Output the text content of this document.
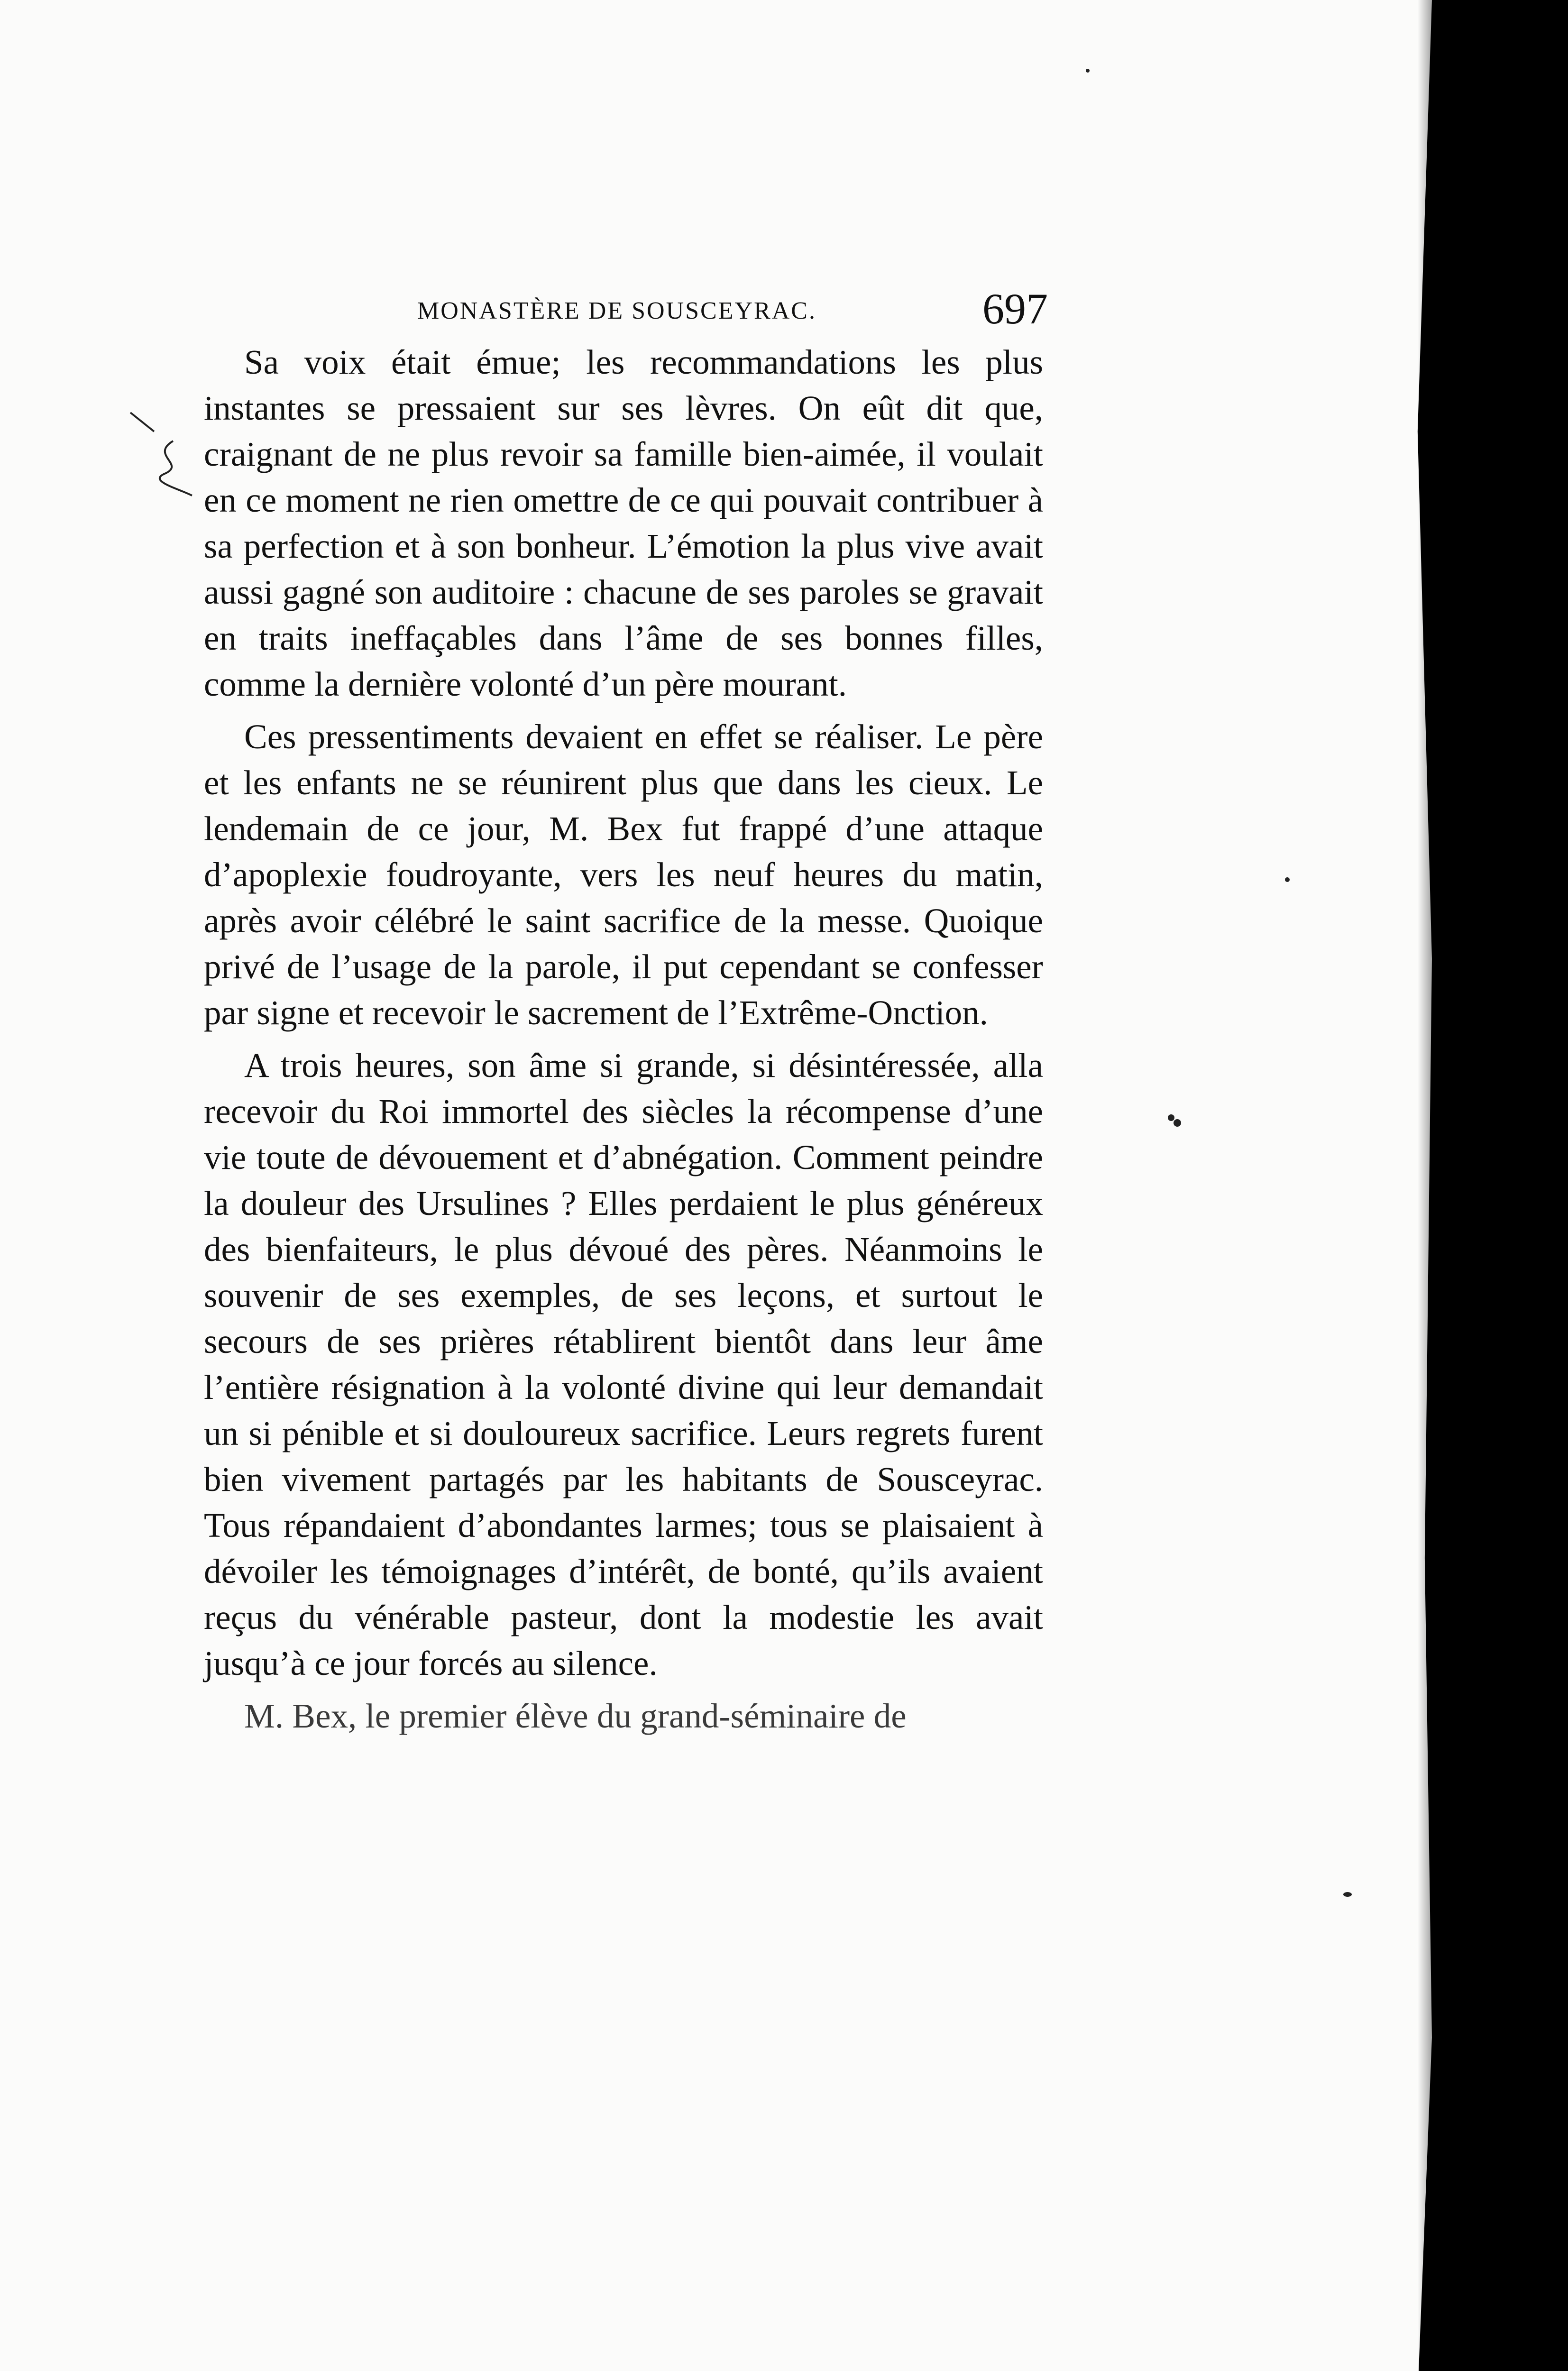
MONASTÈRE DE SOUSCEYRAC.	697

Sa voix était émue; les recommandations les plus instantes se pressaient sur ses lèvres. On eût dit que, craignant de ne plus revoir sa famille bien-aimée, il voulait en ce moment ne rien omettre de ce qui pouvait contribuer à sa perfection et à son bonheur. L’émotion la plus vive avait aussi gagné son auditoire : chacune de ses paroles se gravait en traits ineffaçables dans l’âme de ses bonnes filles, comme la dernière volonté d’un père mourant.

Ces pressentiments devaient en effet se réaliser. Le père et les enfants ne se réunirent plus que dans les cieux. Le lendemain de ce jour, M. Bex fut frappé d’une attaque d’apoplexie foudroyante, vers les neuf heures du matin, après avoir célébré le saint sacrifice de la messe. Quoique privé de l’usage de la parole, il put cependant se confesser par signe et recevoir le sacrement de l’Extrême-Onction.

A trois heures, son âme si grande, si désintéressée, alla recevoir du Roi immortel des siècles la récompense d’une vie toute de dévouement et d’abnégation. Comment peindre la douleur des Ursulines ? Elles perdaient le plus généreux des bienfaiteurs, le plus dévoué des pères. Néanmoins le souvenir de ses exemples, de ses leçons, et surtout le secours de ses prières rétablirent bientôt dans leur âme l’entière résignation à la volonté divine qui leur demandait un si pénible et si douloureux sacrifice. Leurs regrets furent bien vivement partagés par les habitants de Sousceyrac. Tous répandaient d’abondantes larmes; tous se plaisaient à dévoiler les témoignages d’intérêt, de bonté, qu’ils avaient reçus du vénérable pasteur, dont la modestie les avait jusqu’à ce jour forcés au silence.

M. Bex, le premier élève du grand-séminaire de
